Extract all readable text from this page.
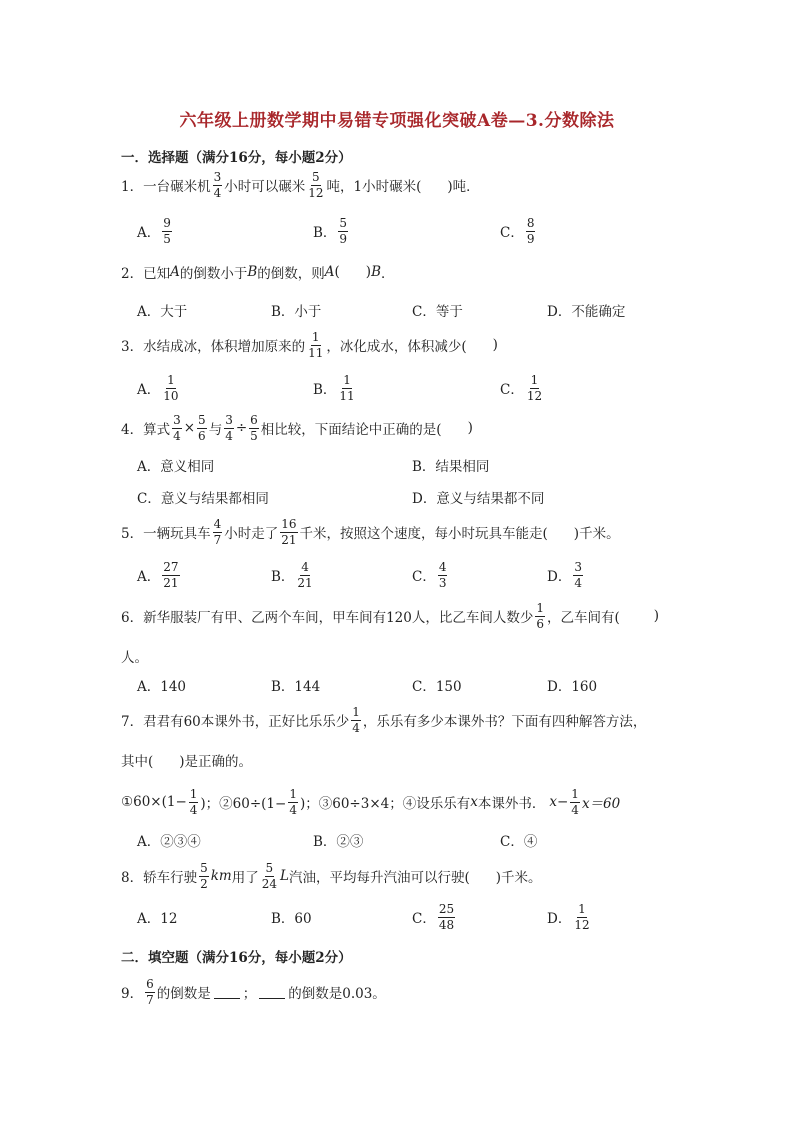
六年级上册数学期中易错专项强化突破A卷—3.分数除法
一．选择题（满分16分，每小题2分）
1．一台碾米机 $\frac{3}{4}$ 小时可以碾米 $\frac{5}{12}$ 吨，1小时碾米( )吨．
A． $\frac{9}{5}$	B． $\frac{5}{9}$	C． $\frac{8}{9}$
2．已知 A 的倒数小于 B 的倒数，则 A ( ) B ．
A．大于	B．小于	C．等于	D．不能确定
3．水结成冰，体积增加原来的 $\frac{1}{11}$ ，冰化成水，体积减少( )
A． $\frac{1}{10}$	B． $\frac{1}{11}$	C． $\frac{1}{12}$
4．算式 $\frac{3}{4} \times \frac{5}{6}$ 与 $\frac{3}{4} \div \frac{6}{5}$ 相比较，下面结论中正确的是( )
A．意义相同	B．结果相同
C．意义与结果都相同	D．意义与结果都不同
5．一辆玩具车 $\frac{4}{7}$ 小时走了 $\frac{16}{21}$ 千米，按照这个速度，每小时玩具车能走( )千米。
A． $\frac{27}{21}$	B． $\frac{4}{21}$	C． $\frac{4}{3}$	D． $\frac{3}{4}$
6．新华服装厂有甲、乙两个车间，甲车间有120人，比乙车间人数少 $\frac{1}{6}$ ，乙车间有(	)
人。
A．140	B．144	C．150	D．160
7．君君有60本课外书，正好比乐乐少 $\frac{1}{4}$ ，乐乐有多少本课外书？下面有四种解答方法，
其中( )是正确的。
①60×(1− $\frac{1}{4}$ )；②60÷(1− $\frac{1}{4}$ )；③60÷3×4；④设乐乐有 x 本课外书． $x- \frac{1}{4} x=60$
A．②③④	B．②③	C．④
8．轿车行驶 $\frac{5}{2}$ km 用了 $\frac{5}{24}$ L 汽油，平均每升汽油可以行驶( )千米。
A．12	B．60	C． $\frac{25}{48}$	D． $\frac{1}{12}$
二．填空题（满分16分，每小题2分）
9． $\frac{6}{7}$ 的倒数是 ； 的倒数是0.03。
